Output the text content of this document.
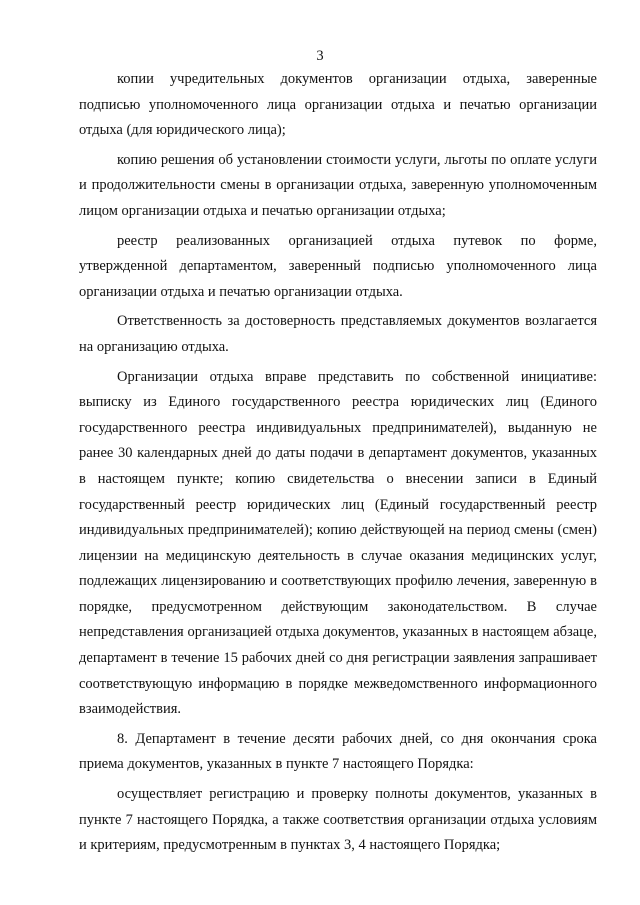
3

копии учредительных документов организации отдыха, заверенные подписью уполномоченного лица организации отдыха и печатью организации отдыха (для юридического лица);

копию решения об установлении стоимости услуги, льготы по оплате услуги и продолжительности смены в организации отдыха, заверенную уполномоченным лицом организации отдыха и печатью организации отдыха;

реестр реализованных организацией отдыха путевок по форме, утвержденной департаментом, заверенный подписью уполномоченного лица организации отдыха и печатью организации отдыха.

Ответственность за достоверность представляемых документов возлагается на организацию отдыха.

Организации отдыха вправе представить по собственной инициативе: выписку из Единого государственного реестра юридических лиц (Единого государственного реестра индивидуальных предпринимателей), выданную не ранее 30 календарных дней до даты подачи в департамент документов, указанных в настоящем пункте; копию свидетельства о внесении записи в Единый государственный реестр юридических лиц (Единый государственный реестр индивидуальных предпринимателей); копию действующей на период смены (смен) лицензии на медицинскую деятельность в случае оказания медицинских услуг, подлежащих лицензированию и соответствующих профилю лечения, заверенную в порядке, предусмотренном действующим законодательством. В случае непредставления организацией отдыха документов, указанных в настоящем абзаце, департамент в течение 15 рабочих дней со дня регистрации заявления запрашивает соответствующую информацию в порядке межведомственного информационного взаимодействия.

8. Департамент в течение десяти рабочих дней, со дня окончания срока приема документов, указанных в пункте 7 настоящего Порядка:

осуществляет регистрацию и проверку полноты документов, указанных в пункте 7 настоящего Порядка, а также соответствия организации отдыха условиям и критериям, предусмотренным в пунктах 3, 4 настоящего Порядка;
